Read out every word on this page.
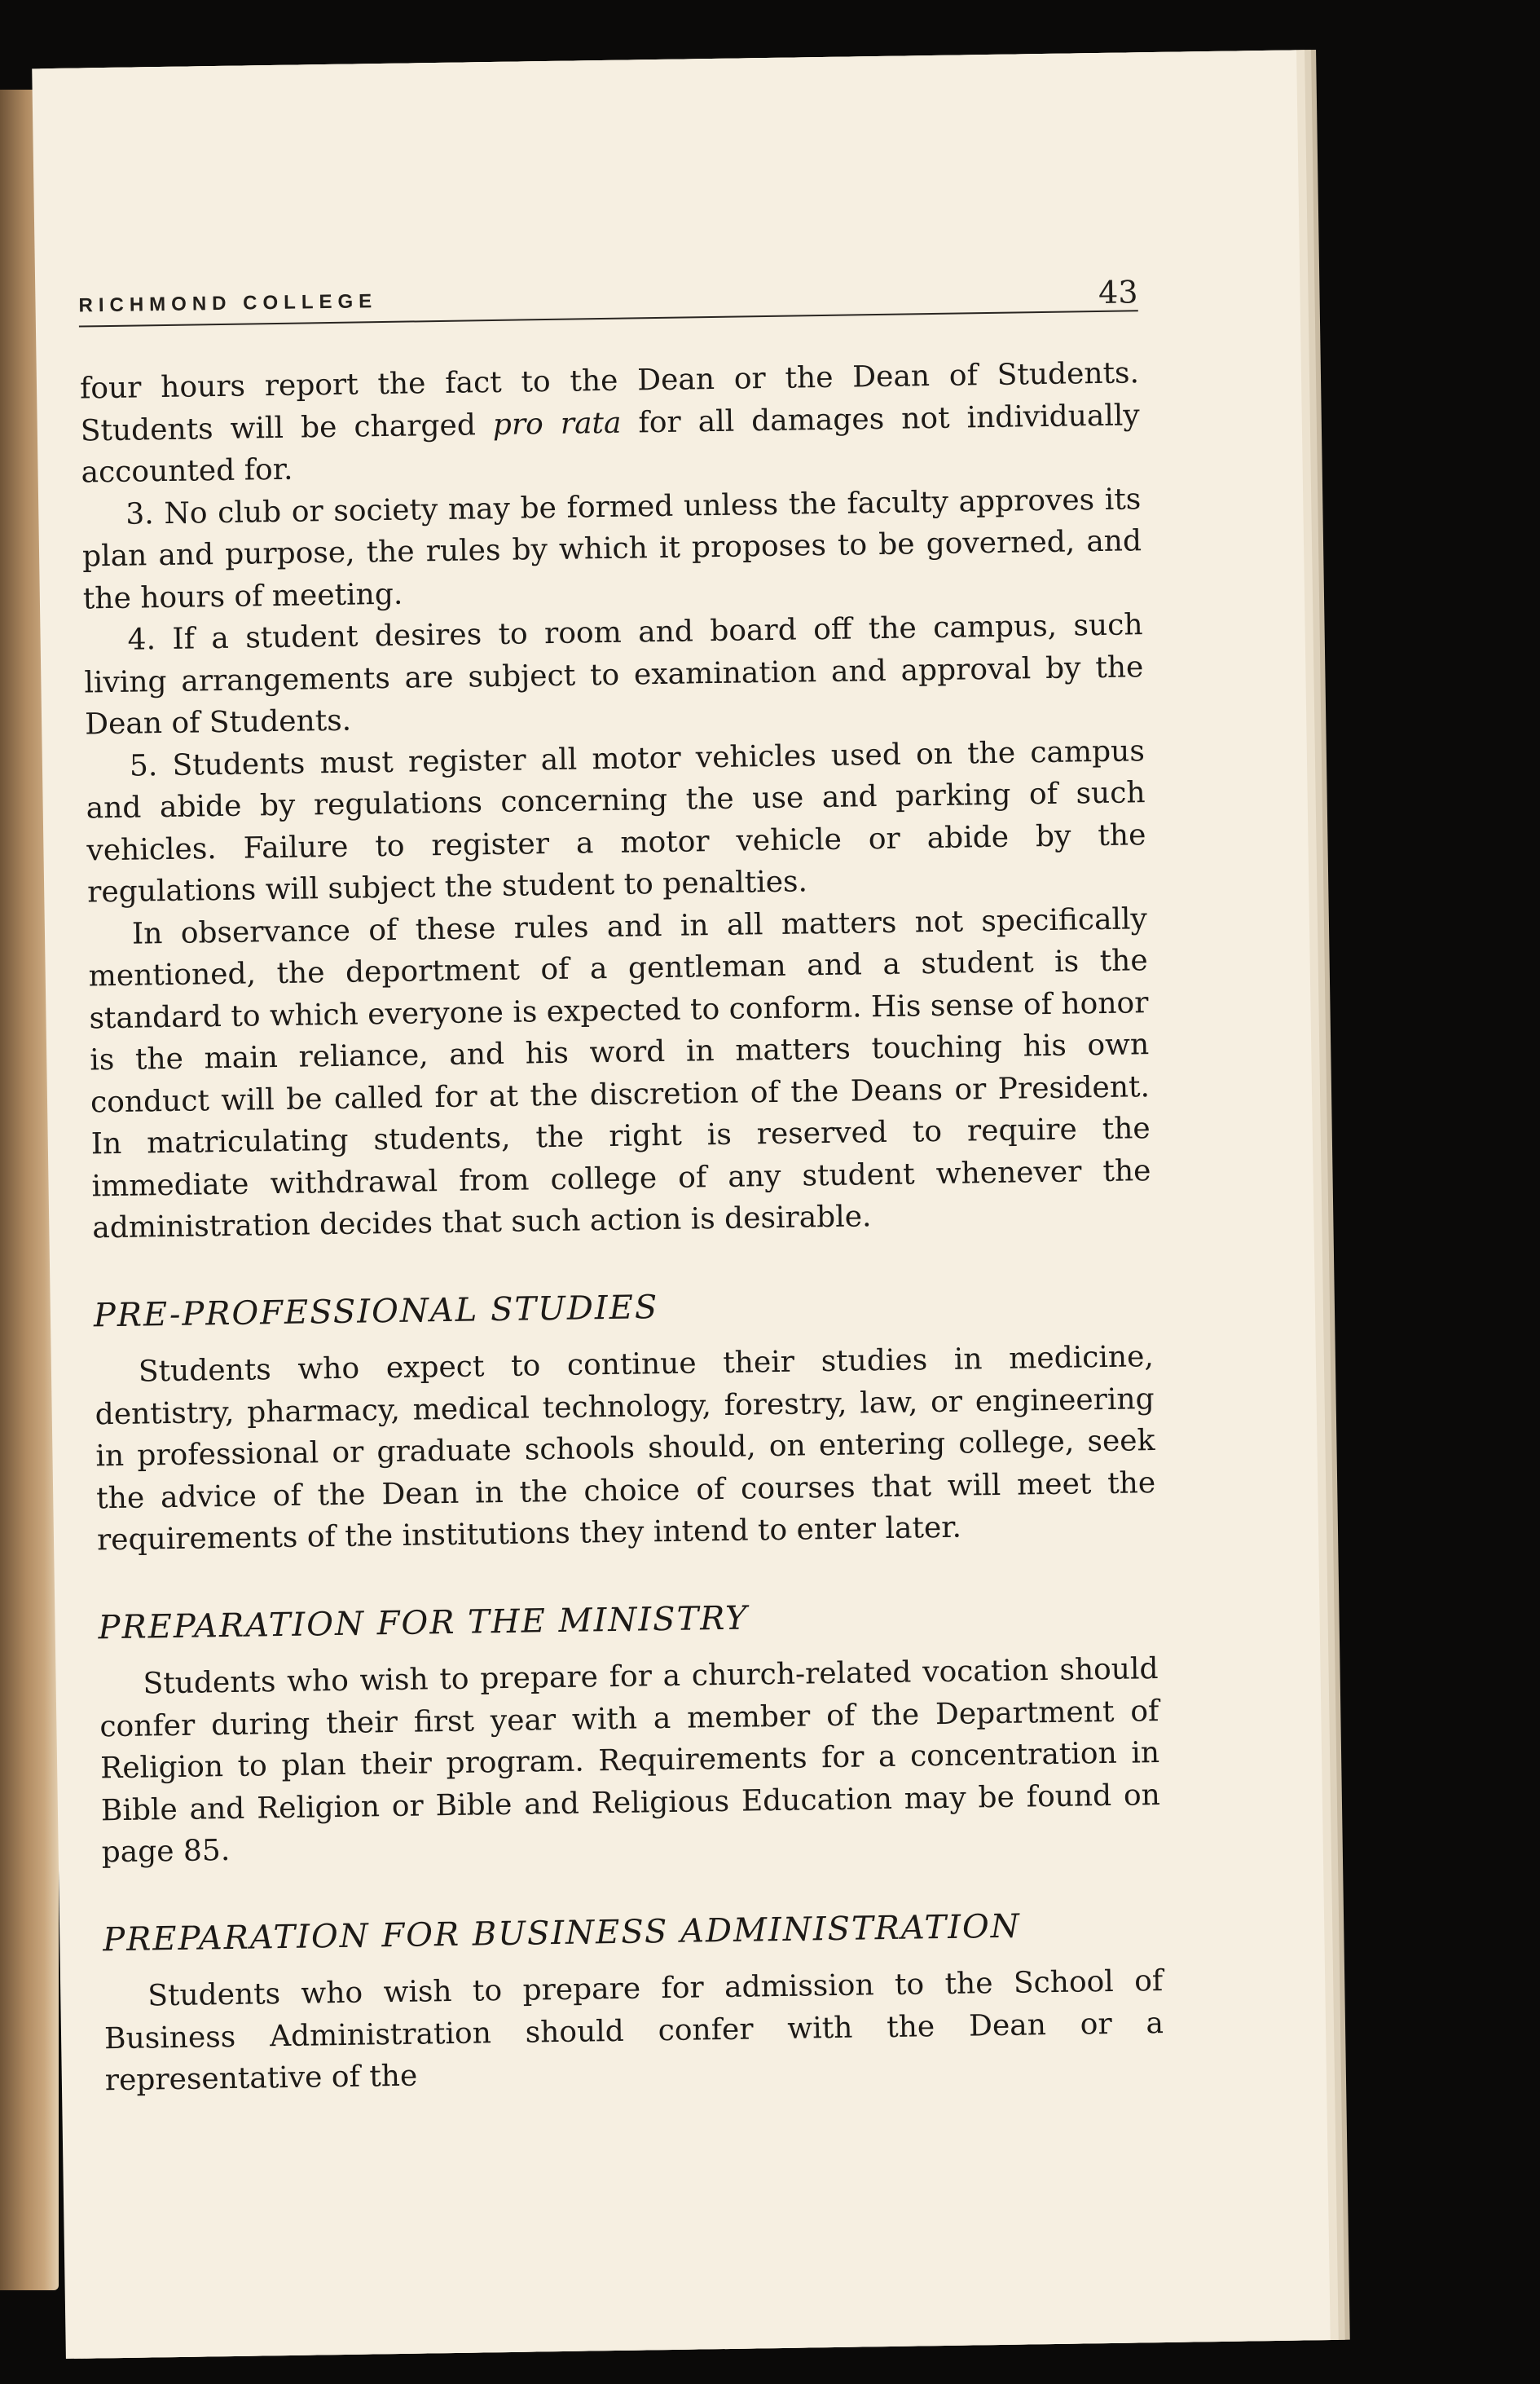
RICHMOND COLLEGE	43

four hours report the fact to the Dean or the Dean of Students. Students will be charged pro rata for all damages not individually accounted for.

3. No club or society may be formed unless the faculty approves its plan and purpose, the rules by which it proposes to be governed, and the hours of meeting.

4. If a student desires to room and board off the campus, such living arrangements are subject to examination and approval by the Dean of Students.

5. Students must register all motor vehicles used on the campus and abide by regulations concerning the use and parking of such vehicles. Failure to register a motor vehicle or abide by the regulations will subject the student to penalties.

In observance of these rules and in all matters not specifically mentioned, the deportment of a gentleman and a student is the standard to which everyone is expected to conform. His sense of honor is the main reliance, and his word in matters touching his own conduct will be called for at the discretion of the Deans or President. In matriculating students, the right is reserved to require the immediate withdrawal from college of any student whenever the administration decides that such action is desirable.

PRE-PROFESSIONAL STUDIES

Students who expect to continue their studies in medicine, dentistry, pharmacy, medical technology, forestry, law, or engineering in professional or graduate schools should, on entering college, seek the advice of the Dean in the choice of courses that will meet the requirements of the institutions they intend to enter later.

PREPARATION FOR THE MINISTRY

Students who wish to prepare for a church-related vocation should confer during their first year with a member of the Department of Religion to plan their program. Requirements for a concentration in Bible and Religion or Bible and Religious Education may be found on page 85.

PREPARATION FOR BUSINESS ADMINISTRATION

Students who wish to prepare for admission to the School of Business Administration should confer with the Dean or a representative of the
